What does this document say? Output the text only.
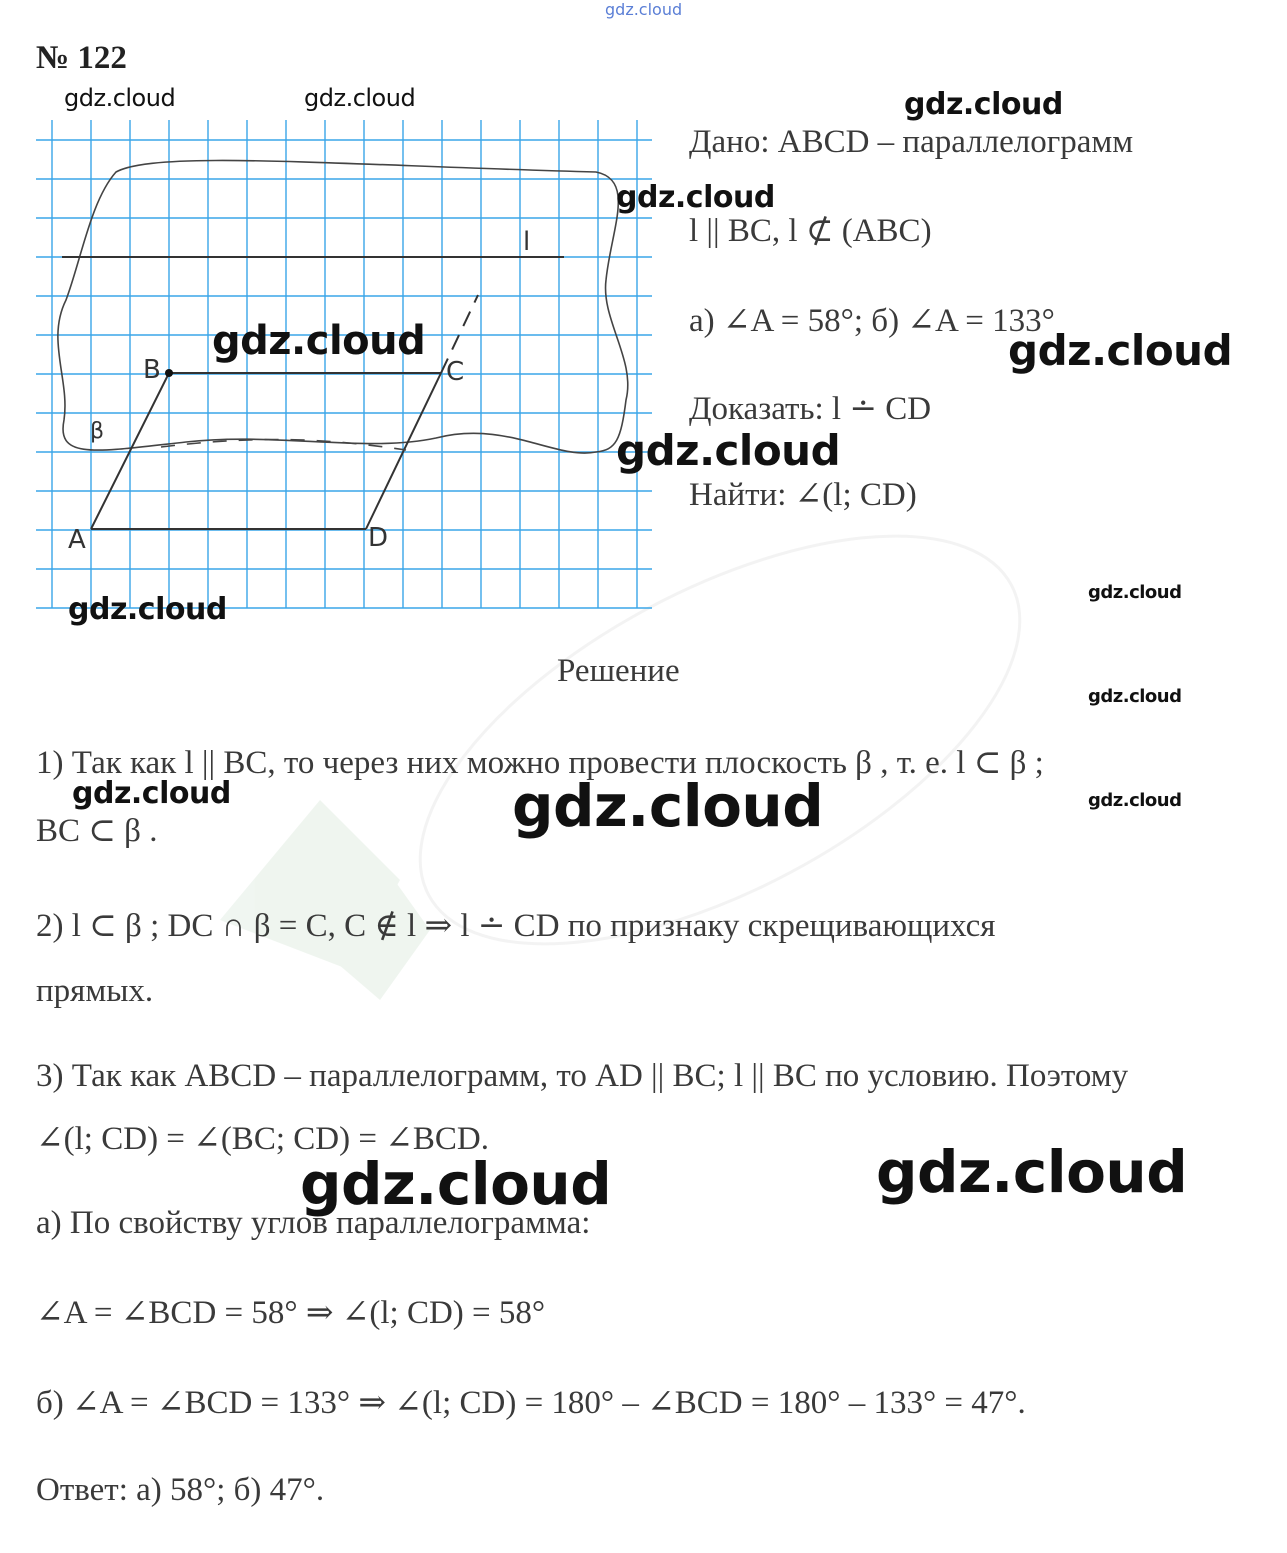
gdz.cloud
№ 122
l
B	C
A	D
β
Дано: ABCD – параллелограмм
l || BC, l ⊄ (ABC)
а) ∠A = 58°; б) ∠A = 133°
Доказать: l ∸ CD
Найти: ∠(l; CD)
Решение
1) Так как l || BC, то через них можно провести плоскость β , т. е. l ⊂ β ;
BC ⊂ β .
2) l ⊂ β ; DC ∩ β = C, C ∉ l ⇒ l ∸ CD по признаку скрещивающихся
прямых.
3) Так как ABCD – параллелограмм, то AD || BC; l || BC по условию. Поэтому
∠(l; CD) = ∠(BC; CD) = ∠BCD.
а) По свойству углов параллелограмма:
∠A = ∠BCD = 58° ⇒ ∠(l; CD) = 58°
б) ∠A = ∠BCD = 133° ⇒ ∠(l; CD) = 180° – ∠BCD = 180° – 133° = 47°.
Ответ: а) 58°; б) 47°.
gdz.cloud	gdz.cloud	gdz.cloud
gdz.cloud
gdz.cloud	gdz.cloud
gdz.cloud
gdz.cloud
gdz.cloud
gdz.cloud
gdz.cloud	gdz.cloud	gdz.cloud
gdz.cloud
gdz.cloud
